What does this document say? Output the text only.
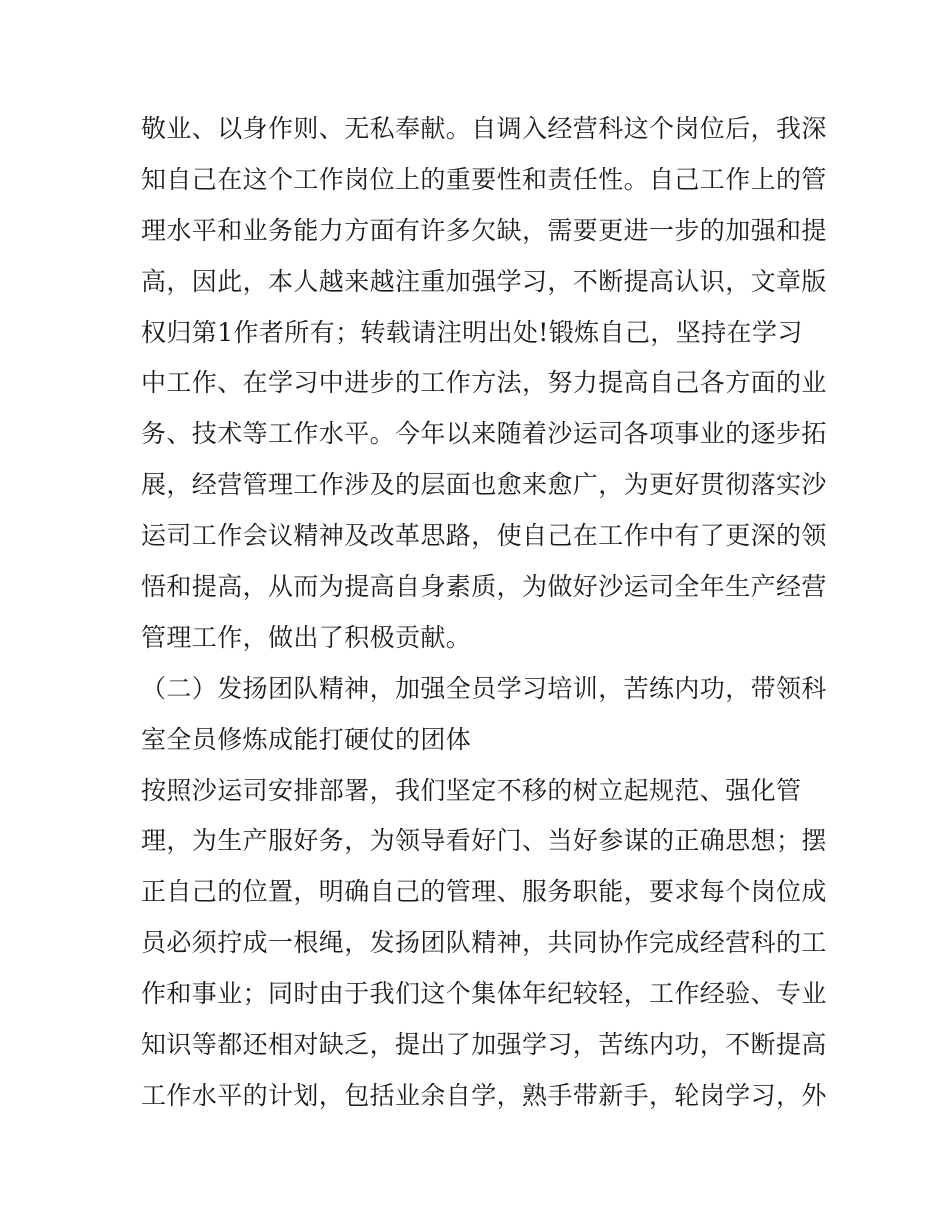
敬业、以身作则、无私奉献。自调入经营科这个岗位后，我深
知自己在这个工作岗位上的重要性和责任性。自己工作上的管
理水平和业务能力方面有许多欠缺，需要更进一步的加强和提
高，因此，本人越来越注重加强学习，不断提高认识，文章版
权归第1作者所有；转载请注明出处!锻炼自己，坚持在学习
中工作、在学习中进步的工作方法，努力提高自己各方面的业
务、技术等工作水平。今年以来随着沙运司各项事业的逐步拓
展，经营管理工作涉及的层面也愈来愈广，为更好贯彻落实沙
运司工作会议精神及改革思路，使自己在工作中有了更深的领
悟和提高，从而为提高自身素质，为做好沙运司全年生产经营
管理工作，做出了积极贡献。
（二）发扬团队精神，加强全员学习培训，苦练内功，带领科
室全员修炼成能打硬仗的团体
按照沙运司安排部署，我们坚定不移的树立起规范、强化管
理，为生产服好务，为领导看好门、当好参谋的正确思想；摆
正自己的位置，明确自己的管理、服务职能，要求每个岗位成
员必须拧成一根绳，发扬团队精神，共同协作完成经营科的工
作和事业；同时由于我们这个集体年纪较轻，工作经验、专业
知识等都还相对缺乏，提出了加强学习，苦练内功，不断提高
工作水平的计划，包括业余自学，熟手带新手，轮岗学习，外
